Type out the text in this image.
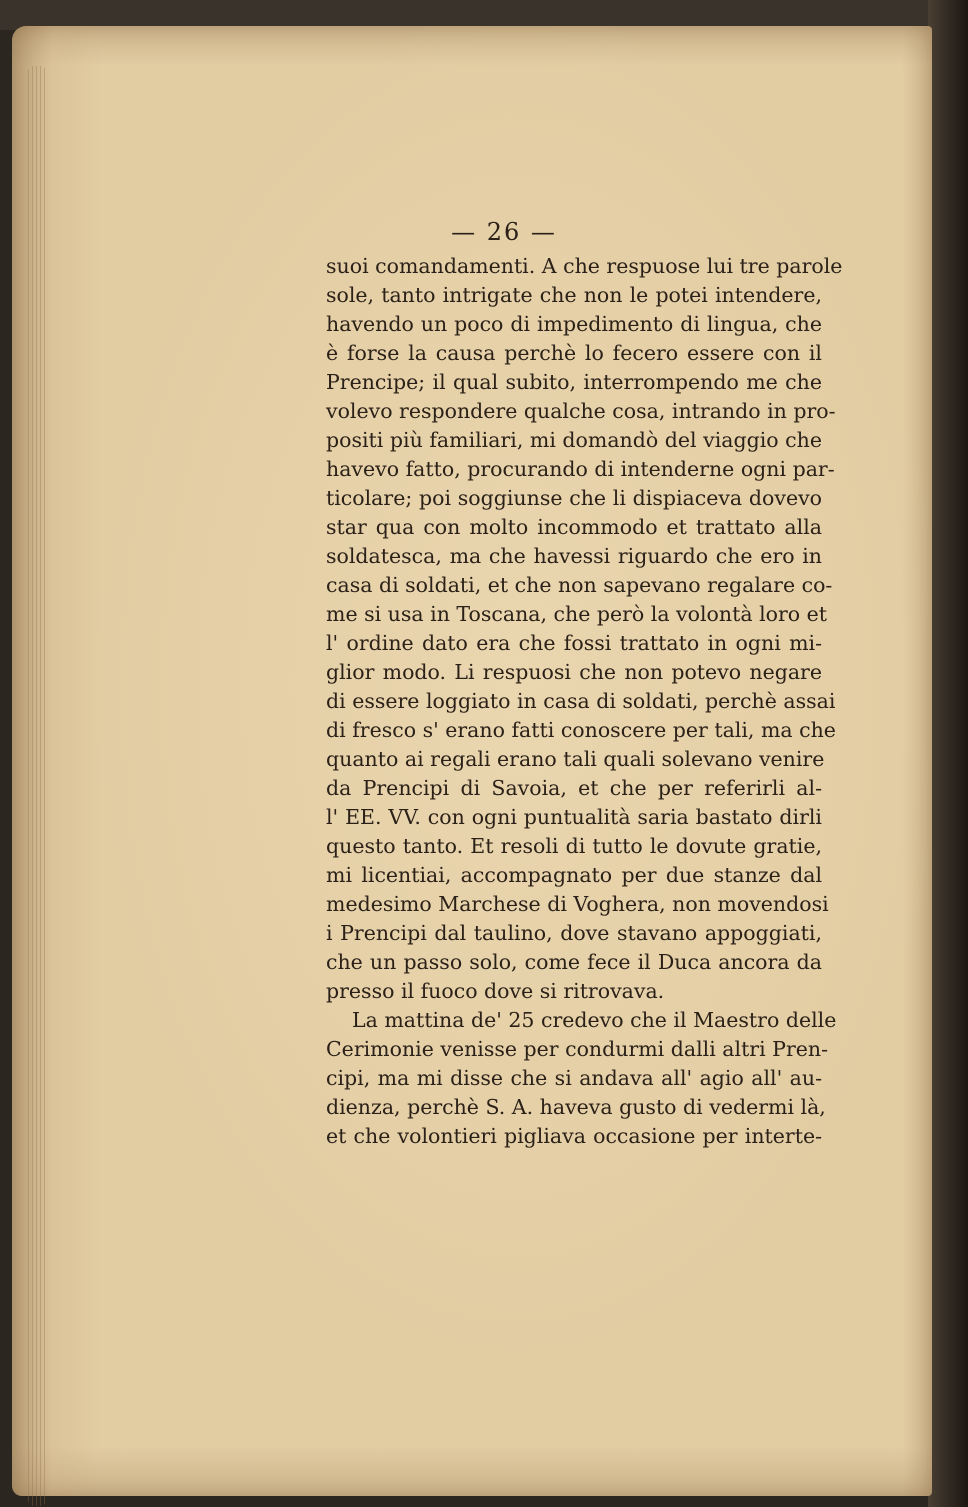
— 26 —
suoi comandamenti. A che respuose lui tre parole
sole, tanto intrigate che non le potei intendere,
havendo un poco di impedimento di lingua, che
è forse la causa perchè lo fecero essere con il
Prencipe; il qual subito, interrompendo me che
volevo respondere qualche cosa, intrando in pro-
positi più familiari, mi domandò del viaggio che
havevo fatto, procurando di intenderne ogni par-
ticolare; poi soggiunse che li dispiaceva dovevo
star qua con molto incommodo et trattato alla
soldatesca, ma che havessi riguardo che ero in
casa di soldati, et che non sapevano regalare co-
me si usa in Toscana, che però la volontà loro et
l' ordine dato era che fossi trattato in ogni mi-
glior modo. Li respuosi che non potevo negare
di essere loggiato in casa di soldati, perchè assai
di fresco s' erano fatti conoscere per tali, ma che
quanto ai regali erano tali quali solevano venire
da Prencipi di Savoia, et che per referirli al-
l' EE. VV. con ogni puntualità saria bastato dirli
questo tanto. Et resoli di tutto le dovute gratie,
mi licentiai, accompagnato per due stanze dal
medesimo Marchese di Voghera, non movendosi
i Prencipi dal taulino, dove stavano appoggiati,
che un passo solo, come fece il Duca ancora da
presso il fuoco dove si ritrovava.
La mattina de' 25 credevo che il Maestro delle
Cerimonie venisse per condurmi dalli altri Pren-
cipi, ma mi disse che si andava all' agio all' au-
dienza, perchè S. A. haveva gusto di vedermi là,
et che volontieri pigliava occasione per interte-
